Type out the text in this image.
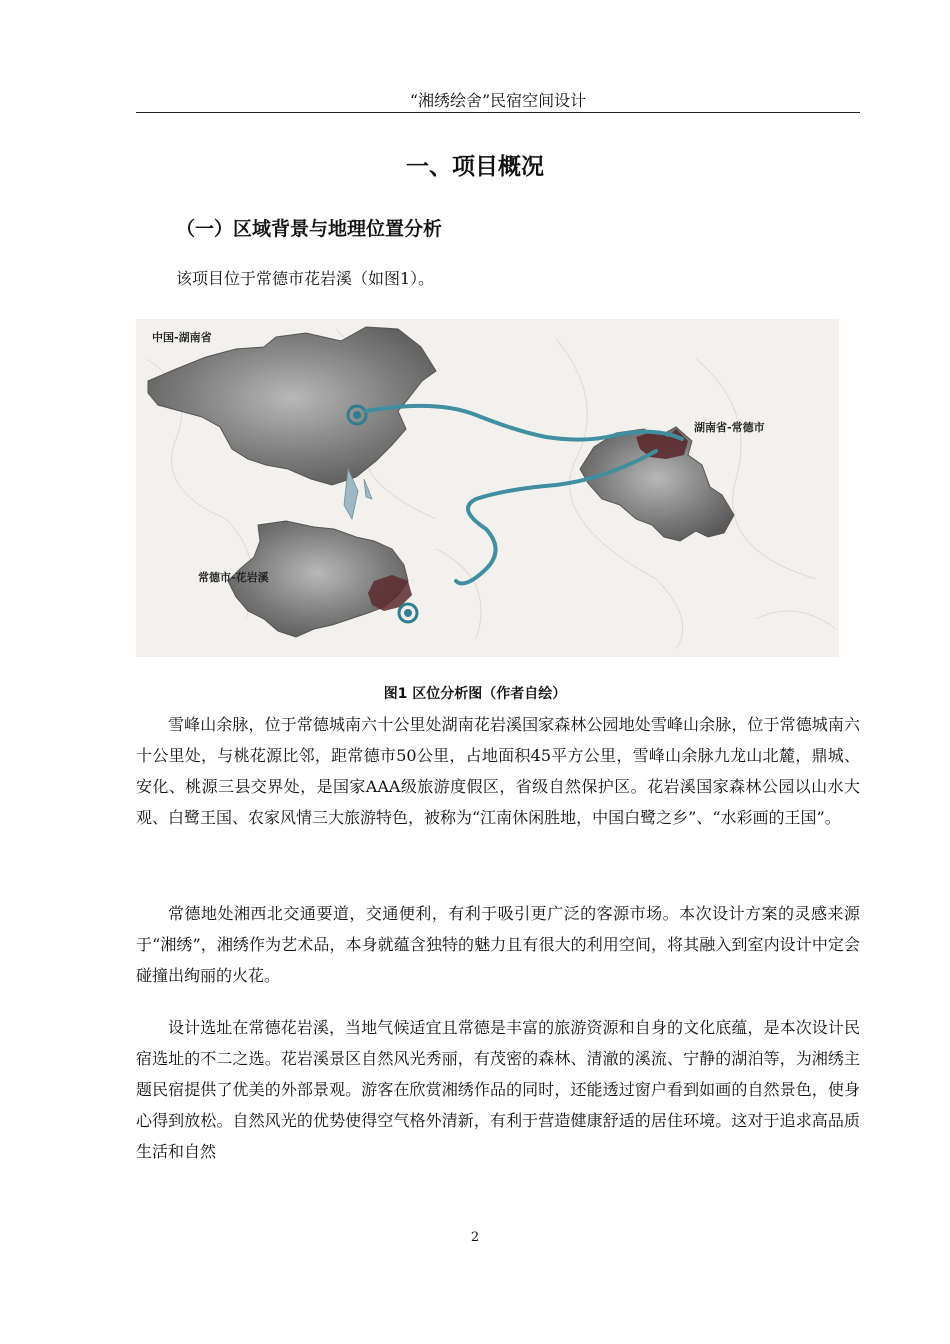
“湘绣绘舍”民宿空间设计
一、项目概况
（一）区域背景与地理位置分析
该项目位于常德市花岩溪（如图1）。
中国-湖南省
湖南省-常德市
常德市-花岩溪
图1 区位分析图（作者自绘）
雪峰山余脉，位于常德城南六十公里处湖南花岩溪国家森林公园地处雪峰山余脉，位于常德城南六十公里处，与桃花源比邻，距常德市50公里，占地面积45平方公里，雪峰山余脉九龙山北麓，鼎城、安化、桃源三县交界处，是国家AAA级旅游度假区，省级自然保护区。花岩溪国家森林公园以山水大观、白鹭王国、农家风情三大旅游特色，被称为“江南休闲胜地，中国白鹭之乡”、“水彩画的王国”。
常德地处湘西北交通要道，交通便利，有利于吸引更广泛的客源市场。本次设计方案的灵感来源于“湘绣”，湘绣作为艺术品，本身就蕴含独特的魅力且有很大的利用空间，将其融入到室内设计中定会碰撞出绚丽的火花。
设计选址在常德花岩溪，当地气候适宜且常德是丰富的旅游资源和自身的文化底蕴，是本次设计民宿选址的不二之选。花岩溪景区自然风光秀丽，有茂密的森林、清澈的溪流、宁静的湖泊等，为湘绣主题民宿提供了优美的外部景观。游客在欣赏湘绣作品的同时，还能透过窗户看到如画的自然景色，使身心得到放松。自然风光的优势使得空气格外清新，有利于营造健康舒适的居住环境。这对于追求高品质生活和自然
2
